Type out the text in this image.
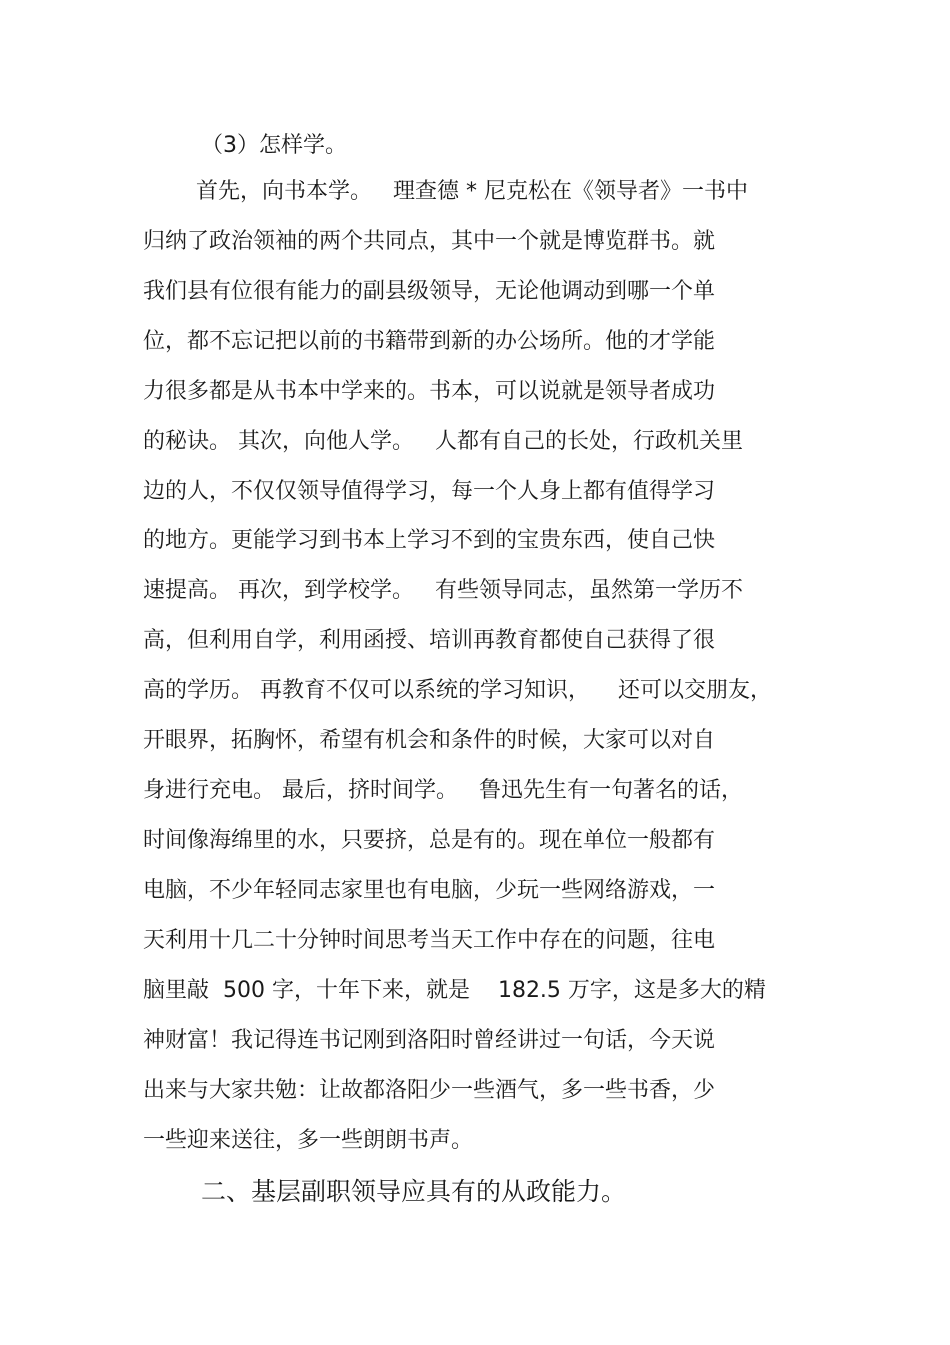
（3）怎样学。

首先，向书本学。   理查德 * 尼克松在《领导者》一书中

归纳了政治领袖的两个共同点，其中一个就是博览群书。就

我们县有位很有能力的副县级领导，无论他调动到哪一个单

位，都不忘记把以前的书籍带到新的办公场所。他的才学能

力很多都是从书本中学来的。书本，可以说就是领导者成功

的秘诀。 其次，向他人学。   人都有自己的长处，行政机关里

边的人，不仅仅领导值得学习，每一个人身上都有值得学习

的地方。更能学习到书本上学习不到的宝贵东西，使自己快

速提高。 再次，到学校学。   有些领导同志，虽然第一学历不

高，但利用自学，利用函授、培训再教育都使自己获得了很

高的学历。 再教育不仅可以系统的学习知识，    还可以交朋友，

开眼界，拓胸怀，希望有机会和条件的时候，大家可以对自

身进行充电。 最后，挤时间学。   鲁迅先生有一句著名的话，

时间像海绵里的水，只要挤，总是有的。现在单位一般都有

电脑，不少年轻同志家里也有电脑，少玩一些网络游戏，一

天利用十几二十分钟时间思考当天工作中存在的问题，往电

脑里敲  500 字，十年下来，就是    182.5 万字，这是多大的精

神财富！我记得连书记刚到洛阳时曾经讲过一句话，今天说

出来与大家共勉：让故都洛阳少一些酒气，多一些书香，少

一些迎来送往，多一些朗朗书声。

二、基层副职领导应具有的从政能力。
